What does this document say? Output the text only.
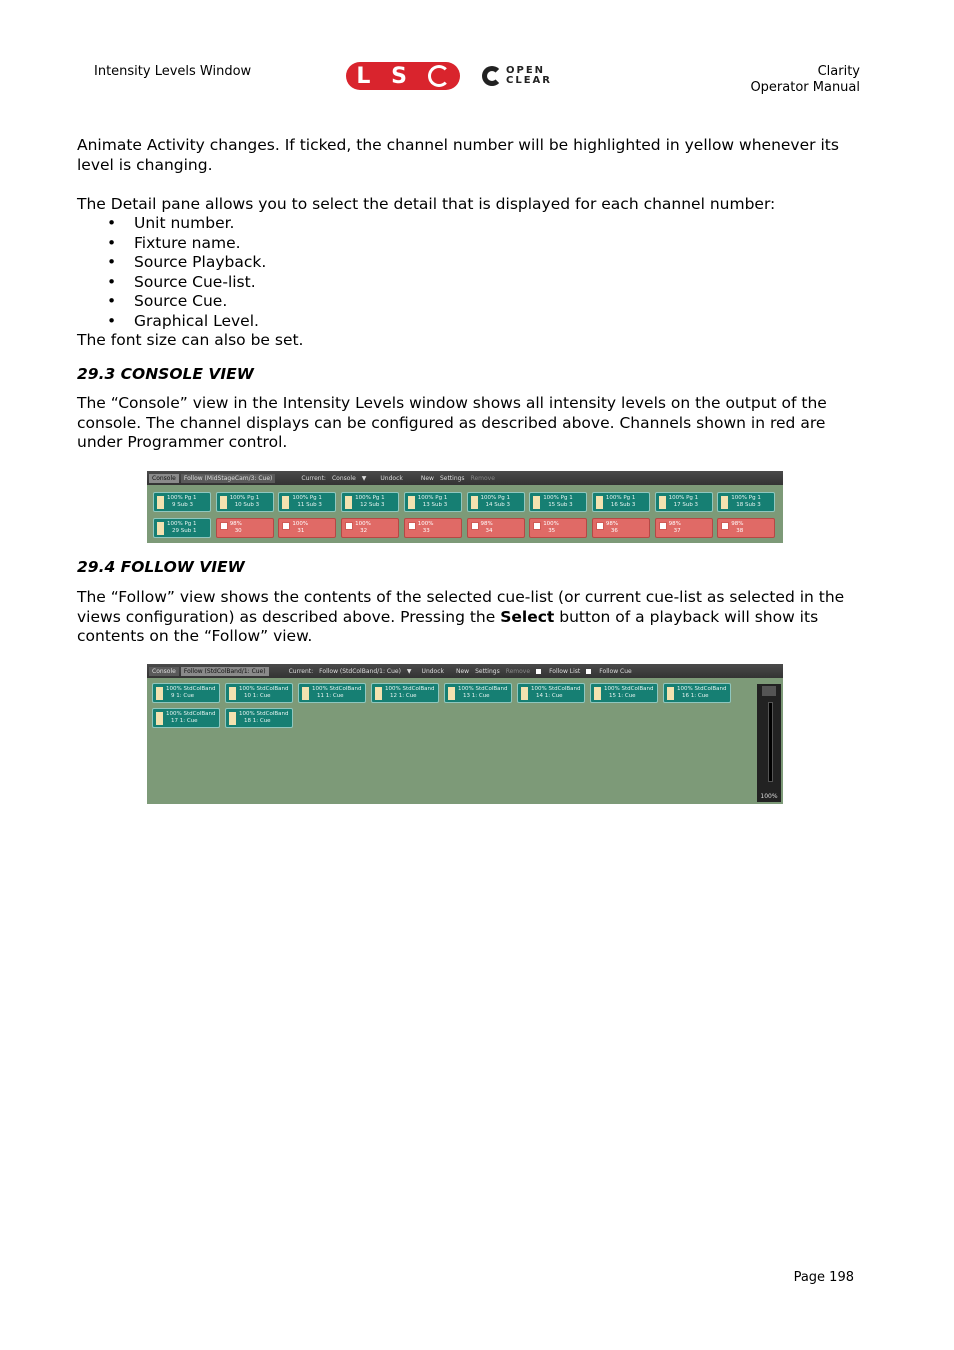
Intensity Levels Window	L S	OPEN
CLEAR
Clarity
Operator Manual
Animate Activity changes. If ticked, the channel number will be highlighted in yellow whenever its level is changing.
The Detail pane allows you to select the detail that is displayed for each channel number:
• Unit number.
• Fixture name.
• Source Playback.
• Source Cue-list.
• Source Cue.
• Graphical Level.
The font size can also be set.
29.3 CONSOLE VIEW
The “Console” view in the Intensity Levels window shows all intensity levels on the output of the console. The channel displays can be configured as described above. Channels shown in red are under Programmer control.
Console	Follow (MidStageCam/3: Cue)	Current: Console ▼ Undock	New Settings Remove
100% Pg 1
9 Sub 3
100% Pg 1
10 Sub 3
100% Pg 1
11 Sub 3
100% Pg 1
12 Sub 3
100% Pg 1
13 Sub 3
100% Pg 1
14 Sub 3
100% Pg 1
15 Sub 3
100% Pg 1
16 Sub 3
100% Pg 1
17 Sub 3
100% Pg 1
18 Sub 3
100% Pg 1
29 Sub 1
98%
30
100%
31
100%
32
100%
33
98%
34
100%
35
98%
36
98%
37
98%
38
29.4 FOLLOW VIEW
The “Follow” view shows the contents of the selected cue-list (or current cue-list as selected in the views configuration) as described above. Pressing the Select button of a playback will show its contents on the “Follow” view.
Console	Follow (StdColBand/1: Cue)	Current: Follow (StdColBand/1: Cue) ▼ Undock New Settings Remove	Follow List	Follow Cue
100% StdColBand
9 1: Cue
100% StdColBand
10 1: Cue
100% StdColBand
11 1: Cue
100% StdColBand
12 1: Cue
100% StdColBand
13 1: Cue
100% StdColBand
14 1: Cue
100% StdColBand
15 1: Cue
100% StdColBand
16 1: Cue
100% StdColBand
17 1: Cue
100% StdColBand
18 1: Cue
100%
Page 198
